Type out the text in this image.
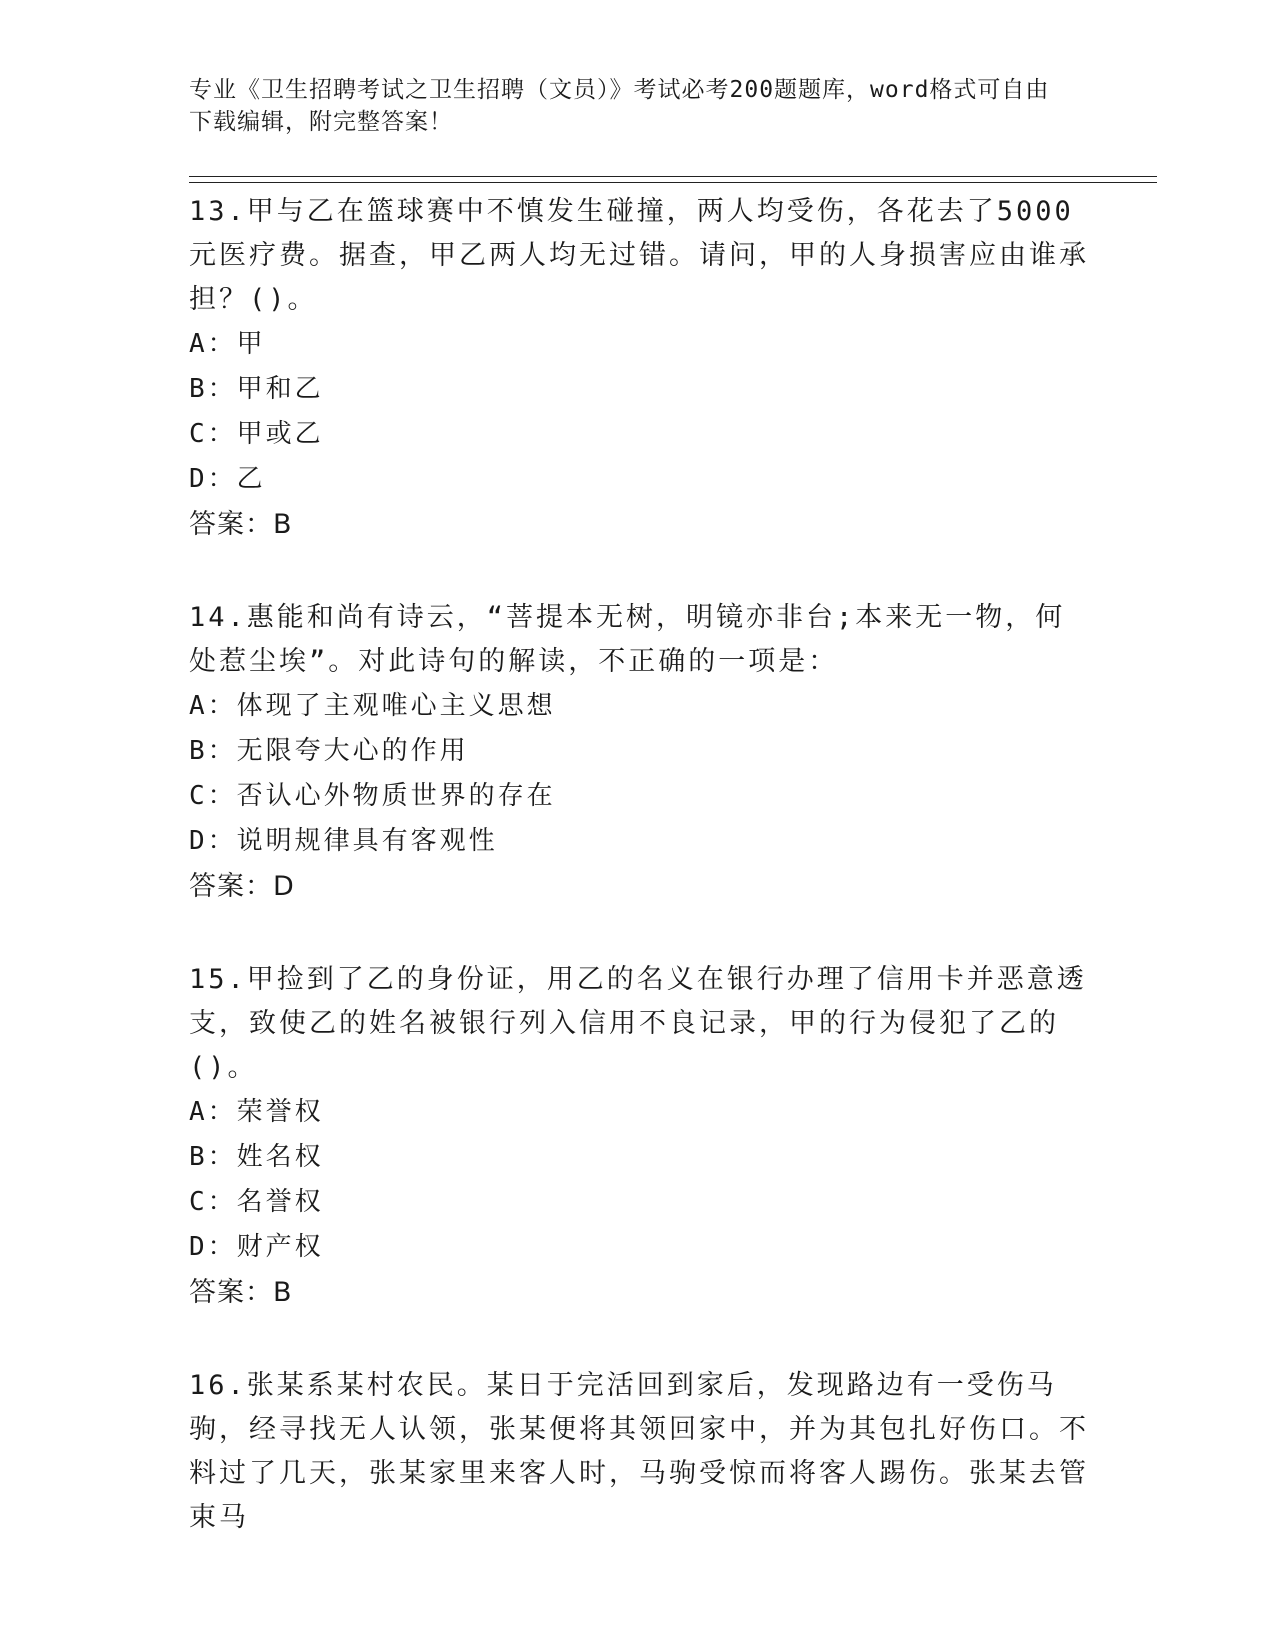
专业《卫生招聘考试之卫生招聘（文员）》考试必考200题题库，word格式可自由下载编辑，附完整答案！
13.甲与乙在篮球赛中不慎发生碰撞，两人均受伤，各花去了5000元医疗费。据查，甲乙两人均无过错。请问，甲的人身损害应由谁承担？()。
A：甲
B：甲和乙
C：甲或乙
D：乙
答案：B
14.惠能和尚有诗云，“菩提本无树，明镜亦非台;本来无一物，何处惹尘埃”。对此诗句的解读，不正确的一项是：
A：体现了主观唯心主义思想
B：无限夸大心的作用
C：否认心外物质世界的存在
D：说明规律具有客观性
答案：D
15.甲捡到了乙的身份证，用乙的名义在银行办理了信用卡并恶意透支，致使乙的姓名被银行列入信用不良记录，甲的行为侵犯了乙的()。
A：荣誉权
B：姓名权
C：名誉权
D：财产权
答案：B
16.张某系某村农民。某日于完活回到家后，发现路边有一受伤马驹，经寻找无人认领，张某便将其领回家中，并为其包扎好伤口。不料过了几天，张某家里来客人时，马驹受惊而将客人踢伤。张某去管束马
